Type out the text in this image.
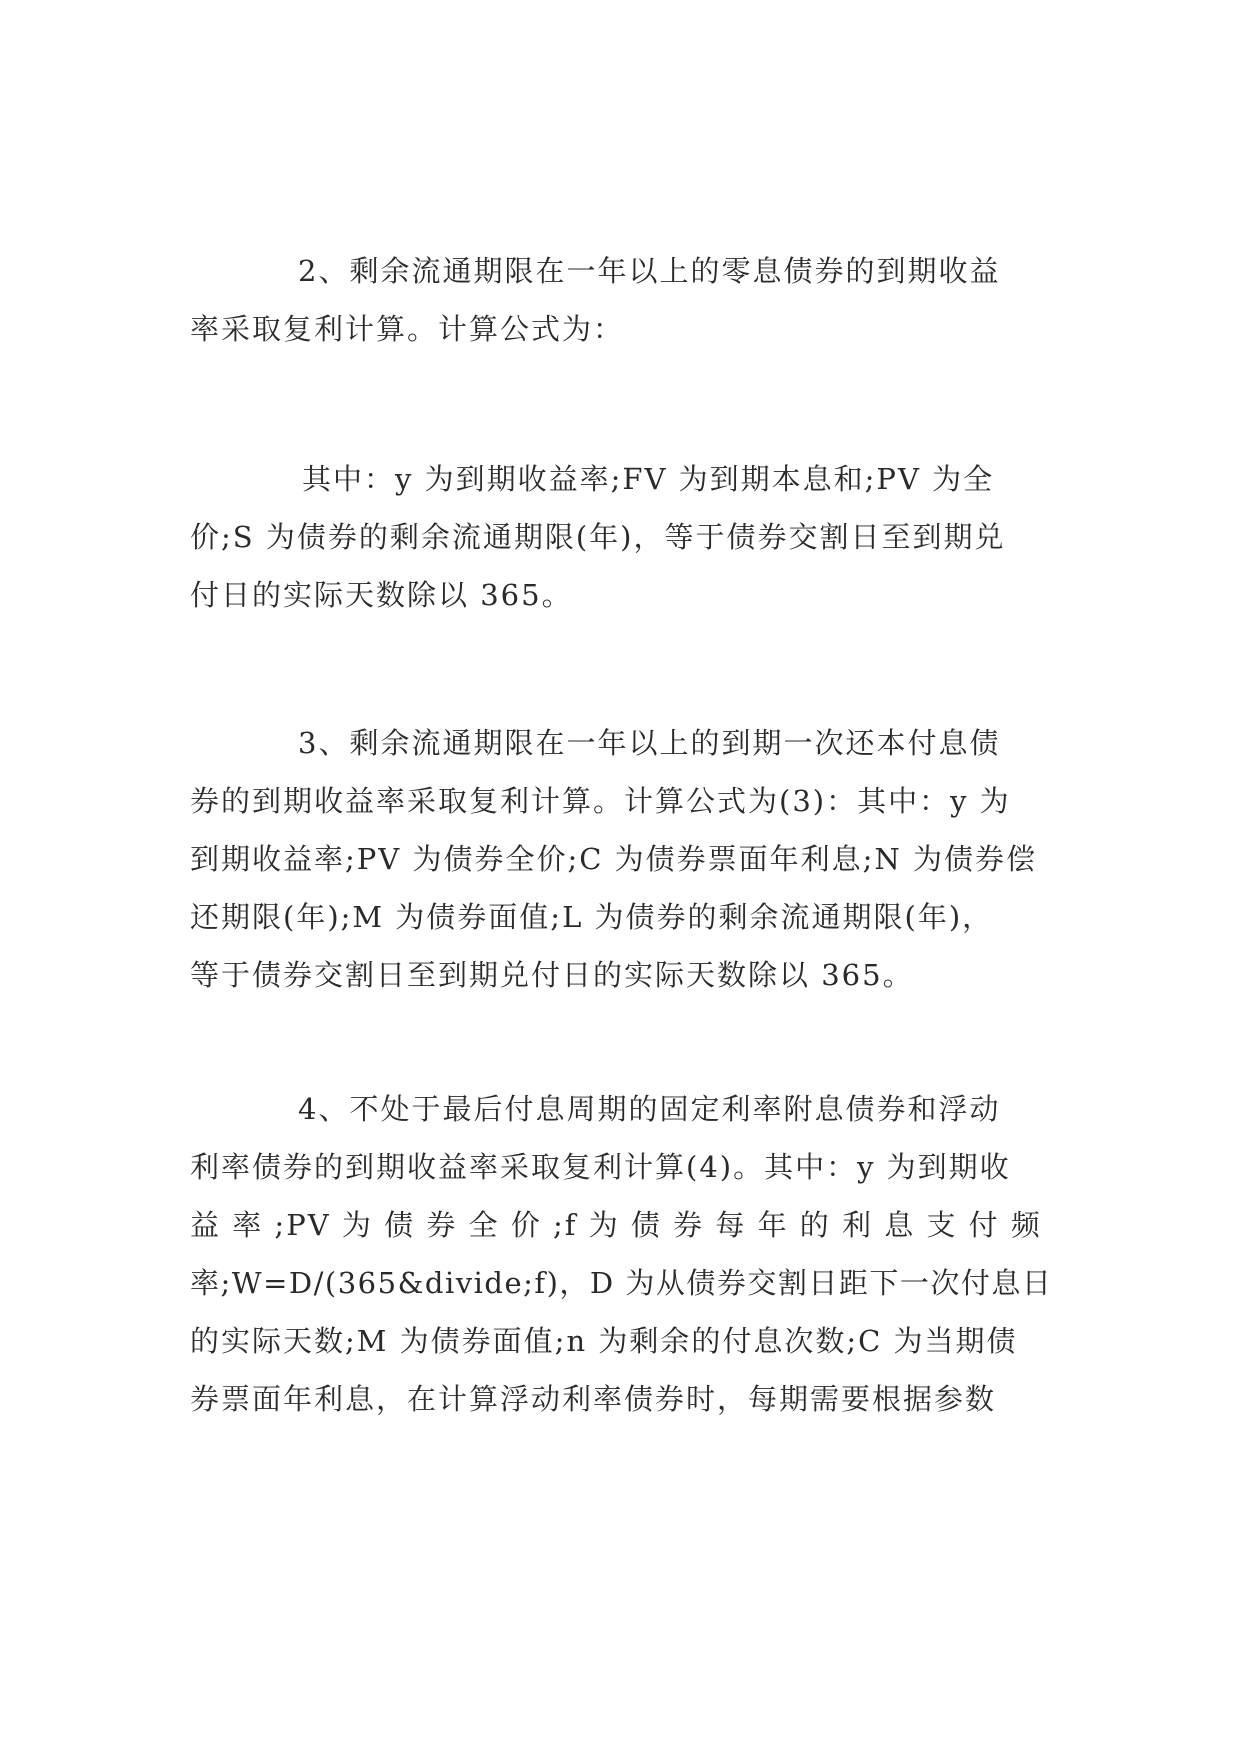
2、剩余流通期限在一年以上的零息债券的到期收益
率采取复利计算。计算公式为：
其中：y 为到期收益率;FV 为到期本息和;PV 为全
价;S 为债券的剩余流通期限(年)，等于债券交割日至到期兑
付日的实际天数除以 365。
3、剩余流通期限在一年以上的到期一次还本付息债
券的到期收益率采取复利计算。计算公式为(3)：其中：y 为
到期收益率;PV 为债券全价;C 为债券票面年利息;N 为债券偿
还期限(年);M 为债券面值;L 为债券的剩余流通期限(年)，
等于债券交割日至到期兑付日的实际天数除以 365。
4、不处于最后付息周期的固定利率附息债券和浮动
利率债券的到期收益率采取复利计算(4)。其中：y 为到期收
益 率 ;PV 为 债 券 全 价 ;f 为 债 券 每 年 的 利 息 支 付 频
率;W=D/(365&divide;f)，D 为从债券交割日距下一次付息日
的实际天数;M 为债券面值;n 为剩余的付息次数;C 为当期债
券票面年利息，在计算浮动利率债券时，每期需要根据参数
